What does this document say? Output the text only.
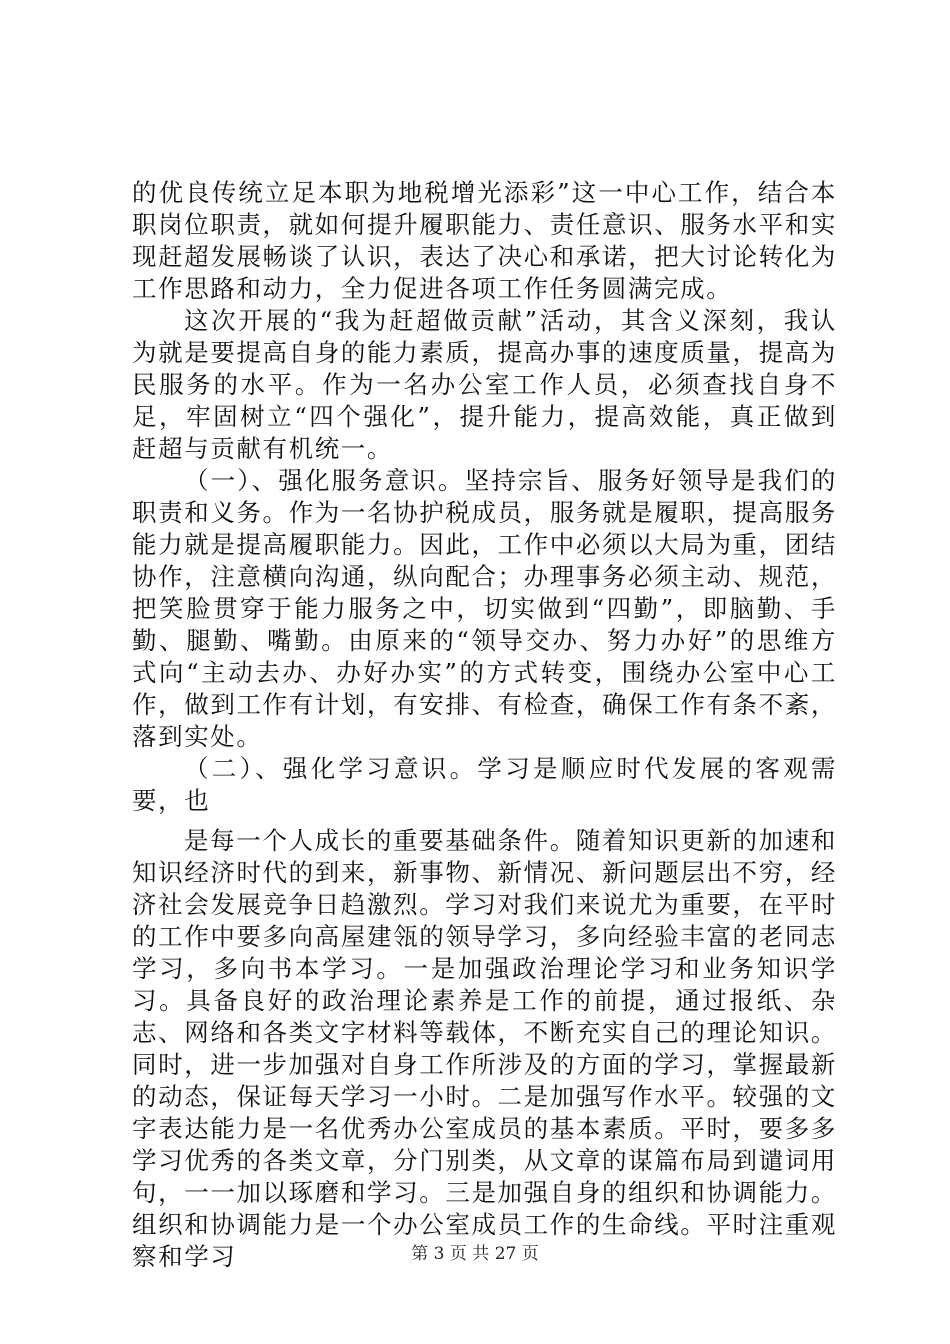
的优良传统立足本职为地税增光添彩”这一中心工作，结合本职岗位职责，就如何提升履职能力、责任意识、服务水平和实现赶超发展畅谈了认识，表达了决心和承诺，把大讨论转化为工作思路和动力，全力促进各项工作任务圆满完成。

这次开展的“我为赶超做贡献”活动，其含义深刻，我认为就是要提高自身的能力素质，提高办事的速度质量，提高为民服务的水平。作为一名办公室工作人员，必须查找自身不足，牢固树立“四个强化”，提升能力，提高效能，真正做到赶超与贡献有机统一。

（一）、强化服务意识。坚持宗旨、服务好领导是我们的职责和义务。作为一名协护税成员，服务就是履职，提高服务能力就是提高履职能力。因此，工作中必须以大局为重，团结协作，注意横向沟通，纵向配合；办理事务必须主动、规范，把笑脸贯穿于能力服务之中，切实做到“四勤”，即脑勤、手勤、腿勤、嘴勤。由原来的“领导交办、努力办好”的思维方式向“主动去办、办好办实”的方式转变，围绕办公室中心工作，做到工作有计划，有安排、有检查，确保工作有条不紊，落到实处。

（二）、强化学习意识。学习是顺应时代发展的客观需要，也

是每一个人成长的重要基础条件。随着知识更新的加速和知识经济时代的到来，新事物、新情况、新问题层出不穷，经济社会发展竞争日趋激烈。学习对我们来说尤为重要，在平时的工作中要多向高屋建瓴的领导学习，多向经验丰富的老同志学习，多向书本学习。一是加强政治理论学习和业务知识学习。具备良好的政治理论素养是工作的前提，通过报纸、杂志、网络和各类文字材料等载体，不断充实自己的理论知识。同时，进一步加强对自身工作所涉及的方面的学习，掌握最新的动态，保证每天学习一小时。二是加强写作水平。较强的文字表达能力是一名优秀办公室成员的基本素质。平时，要多多学习优秀的各类文章，分门别类，从文章的谋篇布局到谴词用句，一一加以琢磨和学习。三是加强自身的组织和协调能力。组织和协调能力是一个办公室成员工作的生命线。平时注重观察和学习	第 3 页 共 27 页
